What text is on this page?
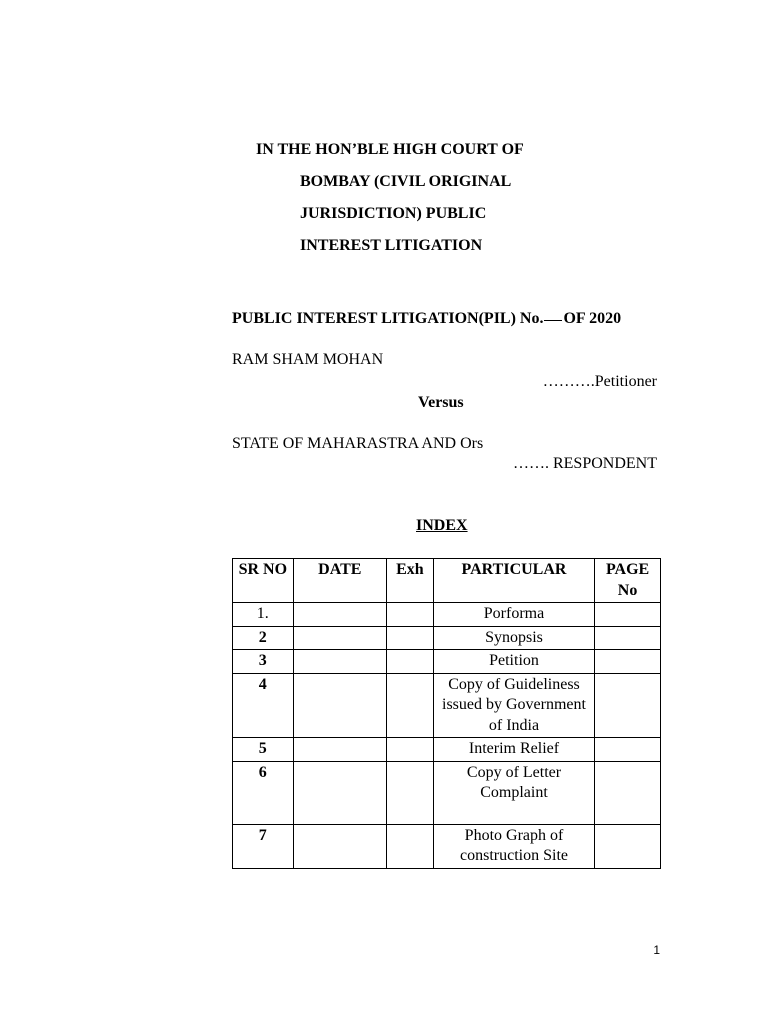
IN THE HON’BLE HIGH COURT OF
BOMBAY (CIVIL ORIGINAL
JURISDICTION) PUBLIC
INTEREST LITIGATION
PUBLIC INTEREST LITIGATION(PIL) No. OF 2020
RAM SHAM MOHAN
……….Petitioner
Versus
STATE OF MAHARASTRA AND Ors
……. RESPONDENT
INDEX
SR NO	DATE	Exh	PARTICULAR	PAGE No
1.			Porforma	
2			Synopsis	
3			Petition	
4			Copy of Guideliness issued by Government of India	
5			Interim Relief	
6			Copy of Letter Complaint	
7			Photo Graph of construction Site	
1
